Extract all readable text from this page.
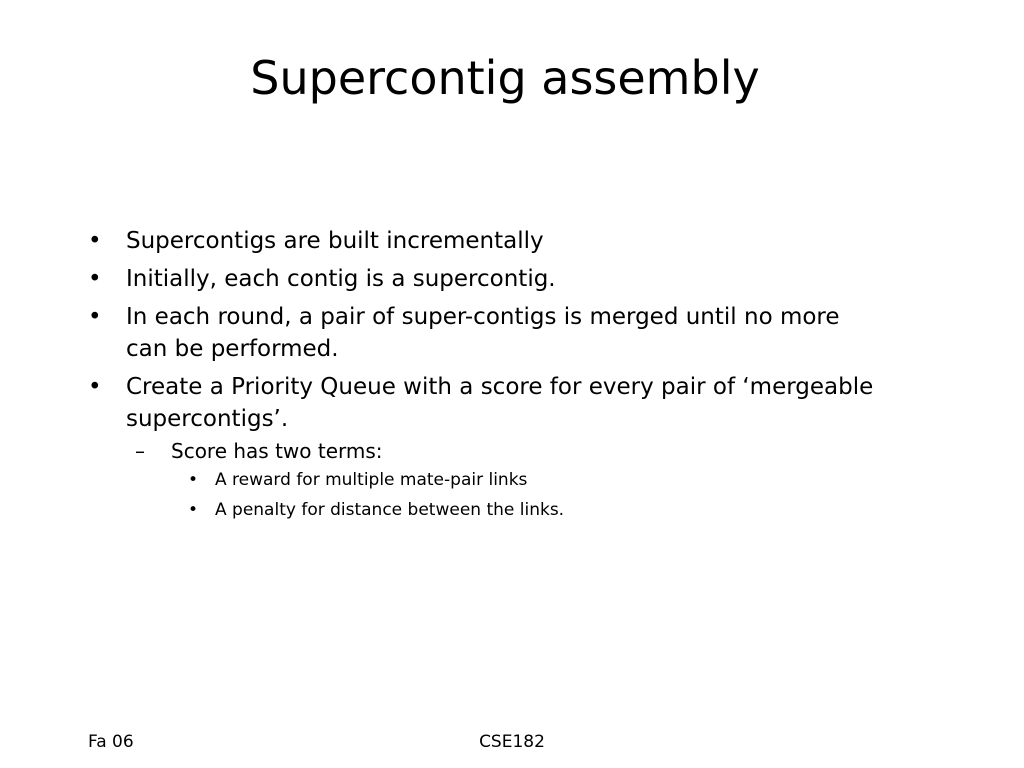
Supercontig assembly
• Supercontigs are built incrementally
• Initially, each contig is a supercontig.
• In each round, a pair of super-contigs is merged until no more can be performed.
• Create a Priority Queue with a score for every pair of ‘mergeable supercontigs’.
– Score has two terms:
• A reward for multiple mate-pair links
• A penalty for distance between the links.

Fa 06	CSE182
